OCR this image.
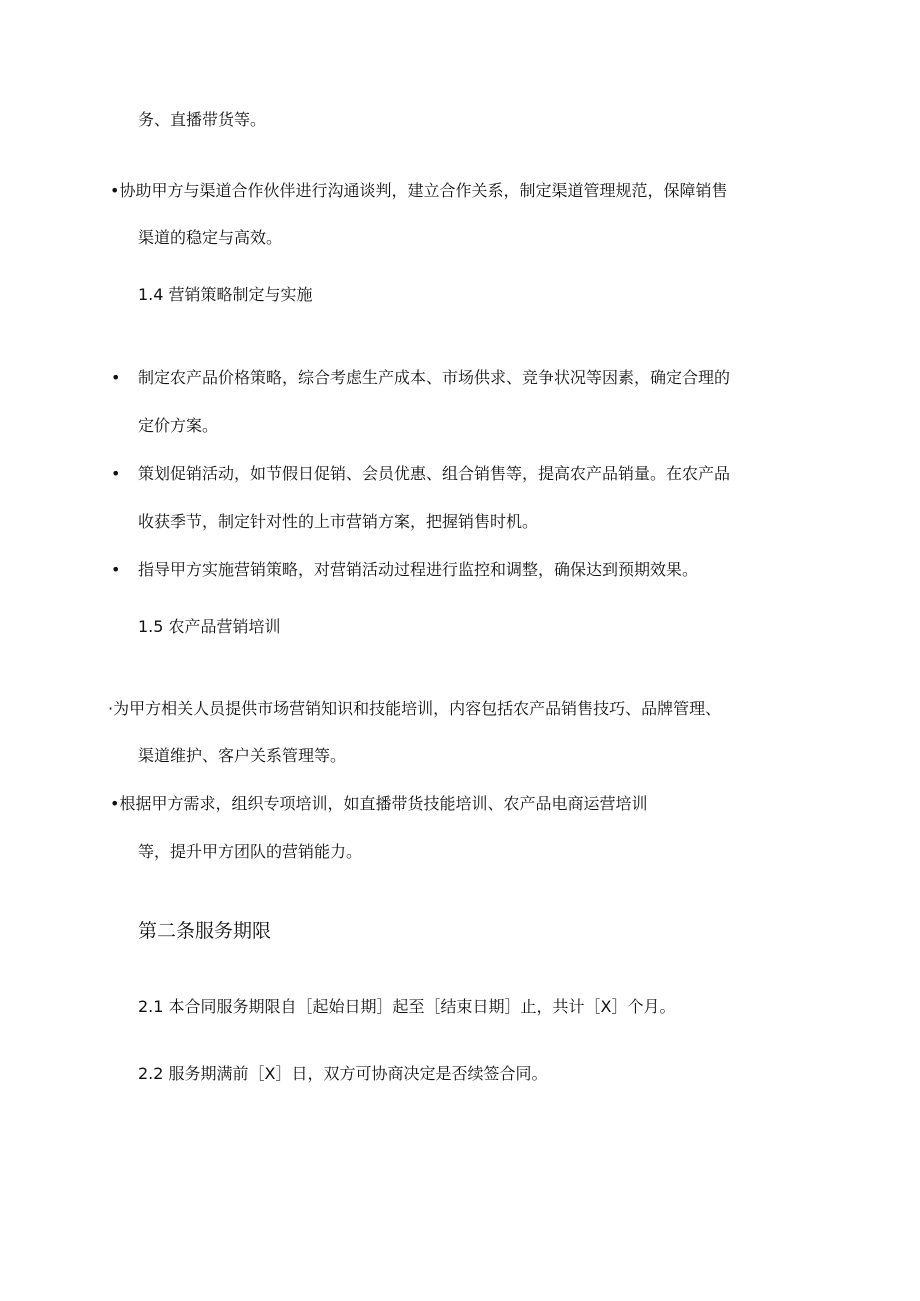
务、直播带货等。
•协助甲方与渠道合作伙伴进行沟通谈判，建立合作关系，制定渠道管理规范，保障销售
渠道的稳定与高效。
1.4 营销策略制定与实施
• 制定农产品价格策略，综合考虑生产成本、市场供求、竞争状况等因素，确定合理的
定价方案。
• 策划促销活动，如节假日促销、会员优惠、组合销售等，提高农产品销量。在农产品
收获季节，制定针对性的上市营销方案，把握销售时机。
• 指导甲方实施营销策略，对营销活动过程进行监控和调整，确保达到预期效果。
1.5 农产品营销培训
·为甲方相关人员提供市场营销知识和技能培训，内容包括农产品销售技巧、品牌管理、
渠道维护、客户关系管理等。
•根据甲方需求，组织专项培训，如直播带货技能培训、农产品电商运营培训
等，提升甲方团队的营销能力。
第二条服务期限
2.1 本合同服务期限自［起始日期］起至［结束日期］止，共计［X］个月。
2.2 服务期满前［X］日，双方可协商决定是否续签合同。
